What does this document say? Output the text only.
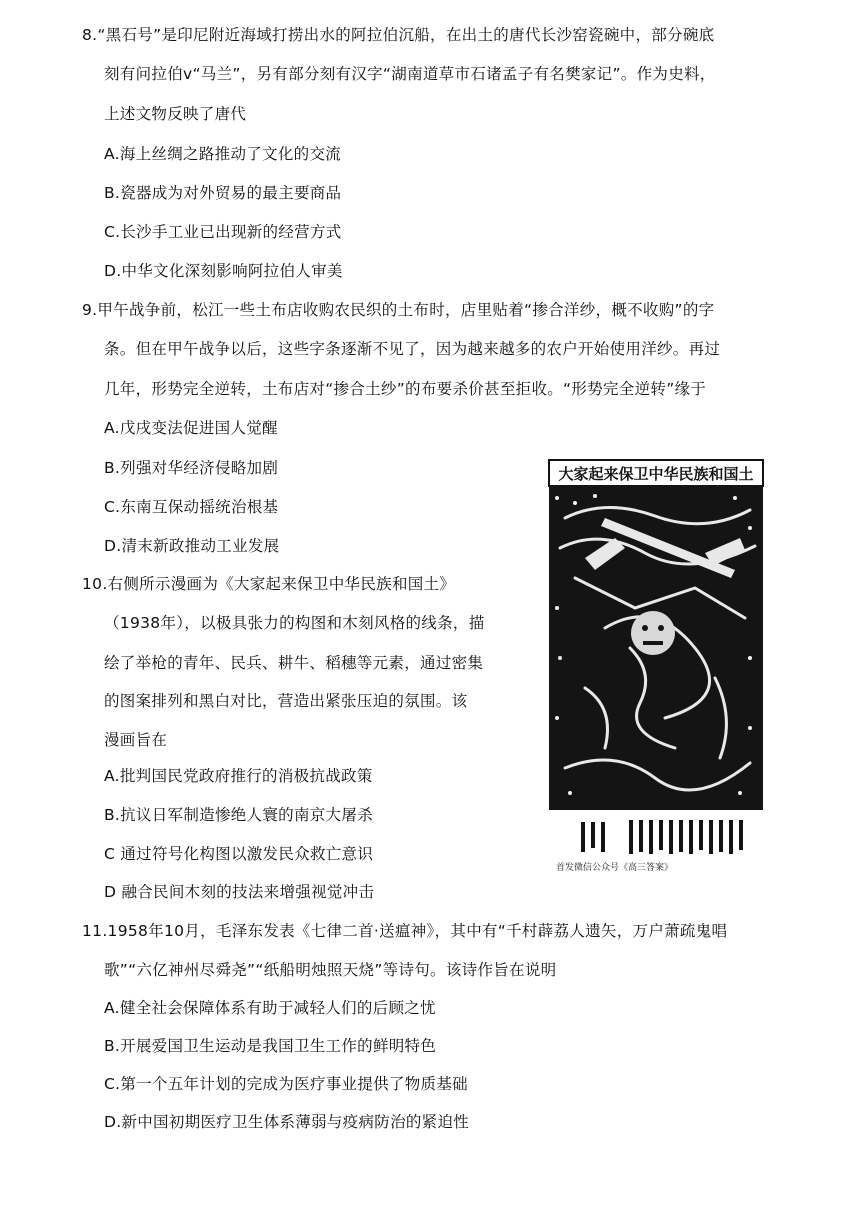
8.“黑石号”是印尼附近海域打捞出水的阿拉伯沉船，在出土的唐代长沙窑瓷碗中，部分碗底
刻有问拉伯v“马兰”，另有部分刻有汉字“湖南道草市石诸孟子有名樊家记”。作为史料，
上述文物反映了唐代
A.海上丝绸之路推动了文化的交流
B.瓷器成为对外贸易的最主要商品
C.长沙手工业已出现新的经营方式
D.中华文化深刻影响阿拉伯人审美
9.甲午战争前，松江一些土布店收购农民织的土布时，店里贴着“掺合洋纱，概不收购”的字
条。但在甲午战争以后，这些字条逐渐不见了，因为越来越多的农户开始使用洋纱。再过
几年，形势完全逆转，土布店对“掺合土纱”的布要杀价甚至拒收。“形势完全逆转”缘于
A.戊戌变法促进国人觉醒
B.列强对华经济侵略加剧
C.东南互保动摇统治根基
D.清末新政推动工业发展
10.右侧所示漫画为《大家起来保卫中华民族和国土》
（1938年），以极具张力的构图和木刻风格的线条，描
绘了举枪的青年、民兵、耕牛、稻穗等元素，通过密集
的图案排列和黑白对比，营造出紧张压迫的氛围。该
漫画旨在
A.批判国民党政府推行的消极抗战政策
B.抗议日军制造惨绝人寰的南京大屠杀
C 通过符号化构图以激发民众救亡意识
D 融合民间木刻的技法来增强视觉冲击
大家起来保卫中华民族和国土
首发微信公众号《高三答案》
11.1958年10月，毛泽东发表《七律二首·送瘟神》，其中有“千村薜荔人遗矢，万户萧疏鬼唱
歌”“六亿神州尽舜尧”“纸船明烛照天烧”等诗句。该诗作旨在说明
A.健全社会保障体系有助于减轻人们的后顾之忧
B.开展爱国卫生运动是我国卫生工作的鲜明特色
C.第一个五年计划的完成为医疗事业提供了物质基础
D.新中国初期医疗卫生体系薄弱与疫病防治的紧迫性
